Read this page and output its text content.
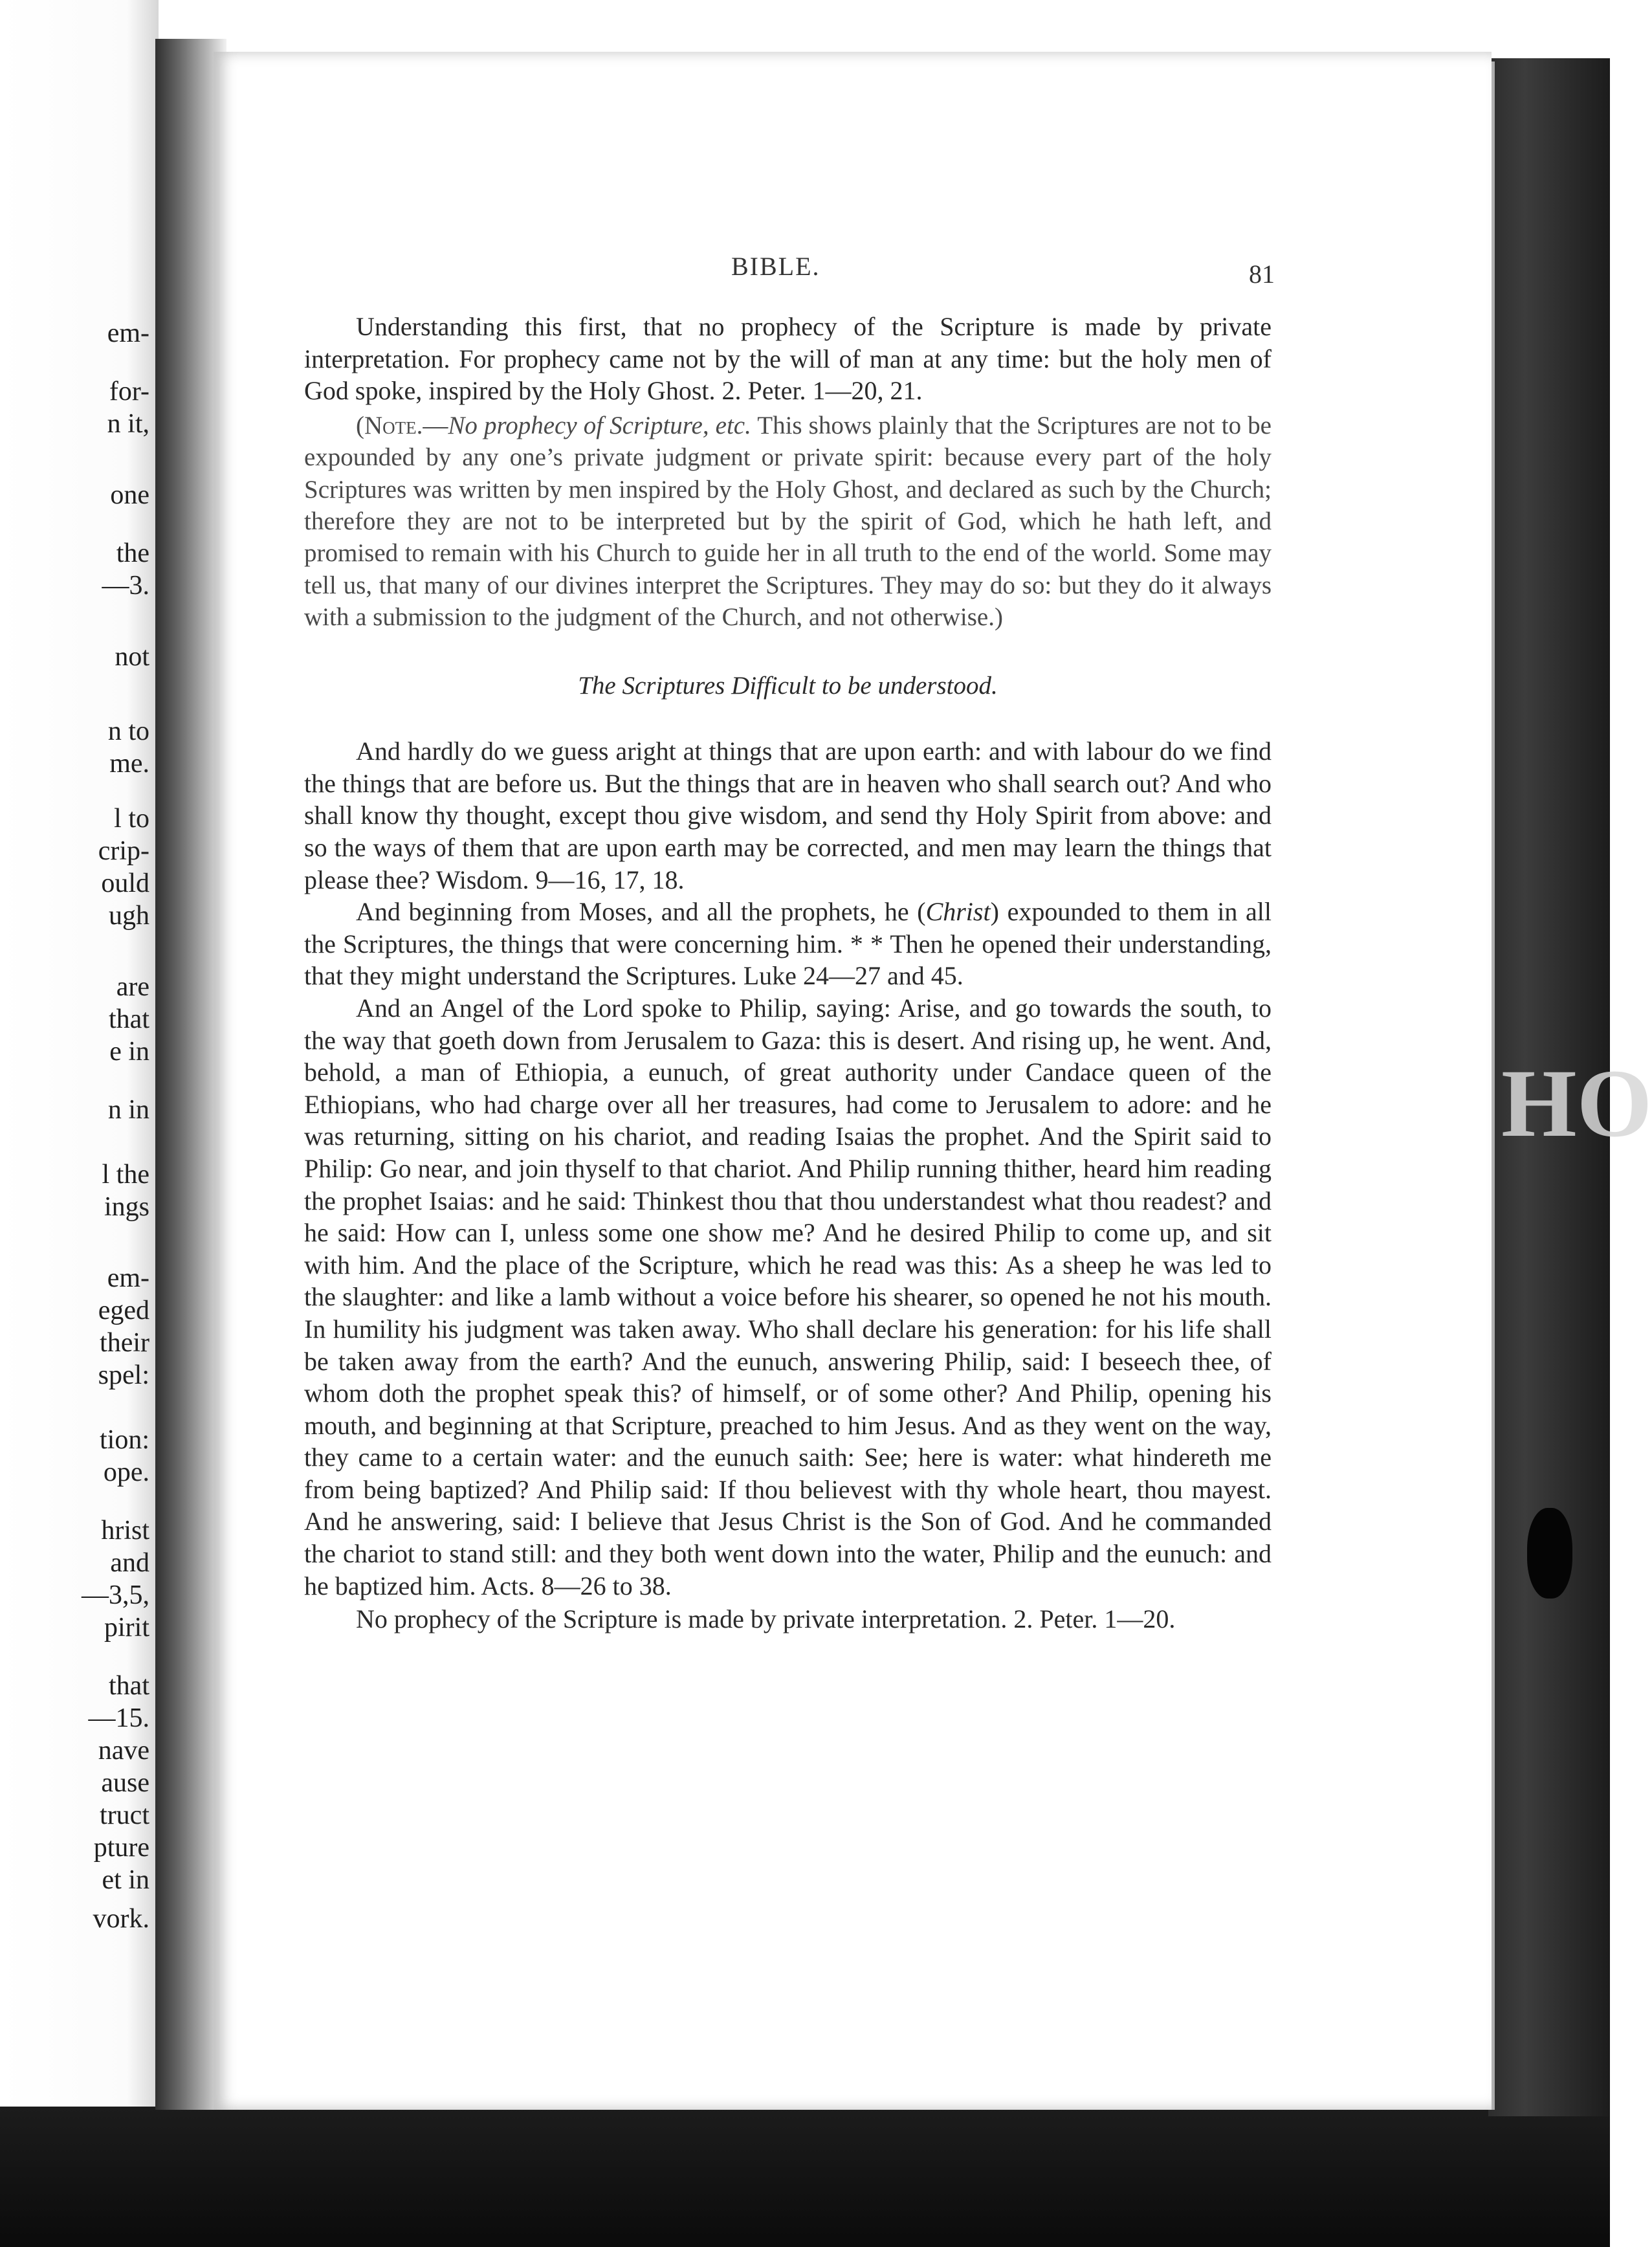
HO
em-
for-
n it,
one
the
—3.
not
n to
me.
l to
crip-
ould
ugh
are
that
e in
n in
l the
ings
em-
eged
their
spel:
tion:
ope.
hrist
and
—3,5,
pirit
that
—15.
nave
ause
truct
pture
et in
vork.
BIBLE.	81

Understanding this first, that no prophecy of the Scripture is made by private interpretation. For prophecy came not by the will of man at any time: but the holy men of God spoke, inspired by the Holy Ghost. 2. Peter. 1—20, 21.

(Note.—No prophecy of Scripture, etc. This shows plainly that the Scriptures are not to be expounded by any one’s private judgment or private spirit: because every part of the holy Scriptures was written by men inspired by the Holy Ghost, and declared as such by the Church; therefore they are not to be interpreted but by the spirit of God, which he hath left, and promised to remain with his Church to guide her in all truth to the end of the world. Some may tell us, that many of our divines interpret the Scriptures. They may do so: but they do it always with a submission to the judgment of the Church, and not otherwise.)

The Scriptures Difficult to be understood.

And hardly do we guess aright at things that are upon earth: and with labour do we find the things that are before us. But the things that are in heaven who shall search out? And who shall know thy thought, except thou give wisdom, and send thy Holy Spirit from above: and so the ways of them that are upon earth may be corrected, and men may learn the things that please thee? Wisdom. 9—16, 17, 18.

And beginning from Moses, and all the prophets, he (Christ) expounded to them in all the Scriptures, the things that were concerning him. * * Then he opened their understanding, that they might understand the Scriptures. Luke 24—27 and 45.

And an Angel of the Lord spoke to Philip, saying: Arise, and go towards the south, to the way that goeth down from Jerusalem to Gaza: this is desert. And rising up, he went. And, behold, a man of Ethiopia, a eunuch, of great authority under Candace queen of the Ethiopians, who had charge over all her treasures, had come to Jerusalem to adore: and he was returning, sitting on his chariot, and reading Isaias the prophet. And the Spirit said to Philip: Go near, and join thyself to that chariot. And Philip running thither, heard him reading the prophet Isaias: and he said: Thinkest thou that thou understandest what thou readest? and he said: How can I, unless some one show me? And he desired Philip to come up, and sit with him. And the place of the Scripture, which he read was this: As a sheep he was led to the slaughter: and like a lamb without a voice before his shearer, so opened he not his mouth. In humility his judgment was taken away. Who shall declare his generation: for his life shall be taken away from the earth? And the eunuch, answering Philip, said: I beseech thee, of whom doth the prophet speak this? of himself, or of some other? And Philip, opening his mouth, and beginning at that Scripture, preached to him Jesus. And as they went on the way, they came to a certain water: and the eunuch saith: See; here is water: what hindereth me from being baptized? And Philip said: If thou believest with thy whole heart, thou mayest. And he answering, said: I believe that Jesus Christ is the Son of God. And he commanded the chariot to stand still: and they both went down into the water, Philip and the eunuch: and he baptized him. Acts. 8—26 to 38.

No prophecy of the Scripture is made by private interpretation. 2. Peter. 1—20.
